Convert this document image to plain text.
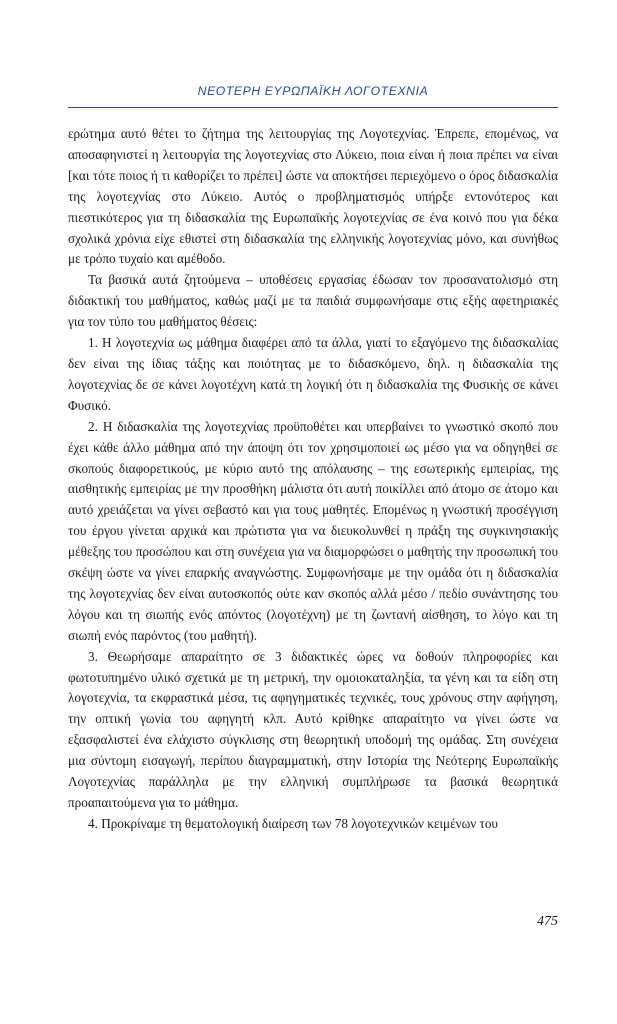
ΝΕΟΤΕΡΗ ΕΥΡΩΠΑΪΚΗ ΛΟΓΟΤΕΧΝΙΑ

ερώτημα αυτό θέτει το ζήτημα της λειτουργίας της Λογοτεχνίας. Έπρεπε, επομένως, να αποσαφηνιστεί η λειτουργία της λογοτεχνίας στο Λύκειο, ποια είναι ή ποια πρέπει να είναι [και τότε ποιος ή τι καθορίζει το πρέπει] ώστε να αποκτήσει περιεχόμενο ο όρος διδασκαλία της λογοτεχνίας στο Λύκειο. Αυτός ο προβληματισμός υπήρξε εντονότερος και πιεστικότερος για τη διδασκαλία της Ευρωπαϊκής λογοτεχνίας σε ένα κοινό που για δέκα σχολικά χρόνια είχε εθιστεί στη διδασκαλία της ελληνικής λογοτεχνίας μόνο, και συνήθως με τρόπο τυχαίο και αμέθοδο.

Τα βασικά αυτά ζητούμενα – υποθέσεις εργασίας έδωσαν τον προσανατολισμό στη διδακτική του μαθήματος, καθώς μαζί με τα παιδιά συμφωνήσαμε στις εξής αφετηριακές για τον τύπο του μαθήματος θέσεις:

1. Η λογοτεχνία ως μάθημα διαφέρει από τα άλλα, γιατί το εξαγόμενο της διδασκαλίας δεν είναι της ίδιας τάξης και ποιότητας με το διδασκόμενο, δηλ. η διδασκαλία της λογοτεχνίας δε σε κάνει λογοτέχνη κατά τη λογική ότι η διδασκαλία της Φυσικής σε κάνει Φυσικό.

2. Η διδασκαλία της λογοτεχνίας προϋποθέτει και υπερβαίνει το γνωστικό σκοπό που έχει κάθε άλλο μάθημα από την άποψη ότι τον χρησιμοποιεί ως μέσο για να οδηγηθεί σε σκοπούς διαφορετικούς, με κύριο αυτό της απόλαυσης – της εσωτερικής εμπειρίας, της αισθητικής εμπειρίας με την προσθήκη μάλιστα ότι αυτή ποικίλλει από άτομο σε άτομο και αυτό χρειάζεται να γίνει σεβαστό και για τους μαθητές. Επομένως η γνωστική προσέγγιση του έργου γίνεται αρχικά και πρώτιστα για να διευκολυνθεί η πράξη της συγκινησιακής μέθεξης του προσώπου και στη συνέχεια για να διαμορφώσει ο μαθητής την προσωπική του σκέψη ώστε να γίνει επαρκής αναγνώστης. Συμφωνήσαμε με την ομάδα ότι η διδασκαλία της λογοτεχνίας δεν είναι αυτοσκοπός ούτε καν σκοπός αλλά μέσο / πεδίο συνάντησης του λόγου και τη σιωπής ενός απόντος (λογοτέχνη) με τη ζωντανή αίσθηση, το λόγο και τη σιωπή ενός παρόντος (του μαθητή).

3. Θεωρήσαμε απαραίτητο σε 3 διδακτικές ώρες να δοθούν πληροφορίες και φωτοτυπημένο υλικό σχετικά με τη μετρική, την ομοιοκαταληξία, τα γένη και τα είδη στη λογοτεχνία, τα εκφραστικά μέσα, τις αφηγηματικές τεχνικές, τους χρόνους στην αφήγηση, την οπτική γωνία του αφηγητή κλπ. Αυτό κρίθηκε απαραίτητο να γίνει ώστε να εξασφαλιστεί ένα ελάχιστο σύγκλισης στη θεωρητική υποδομή της ομάδας. Στη συνέχεια μια σύντομη εισαγωγή, περίπου διαγραμματική, στην Ιστορία της Νεότερης Ευρωπαϊκής Λογοτεχνίας παράλληλα με την ελληνική συμπλήρωσε τα βασικά θεωρητικά προαπαιτούμενα για το μάθημα.

4. Προκρίναμε τη θεματολογική διαίρεση των 78 λογοτεχνικών κειμένων του

475
